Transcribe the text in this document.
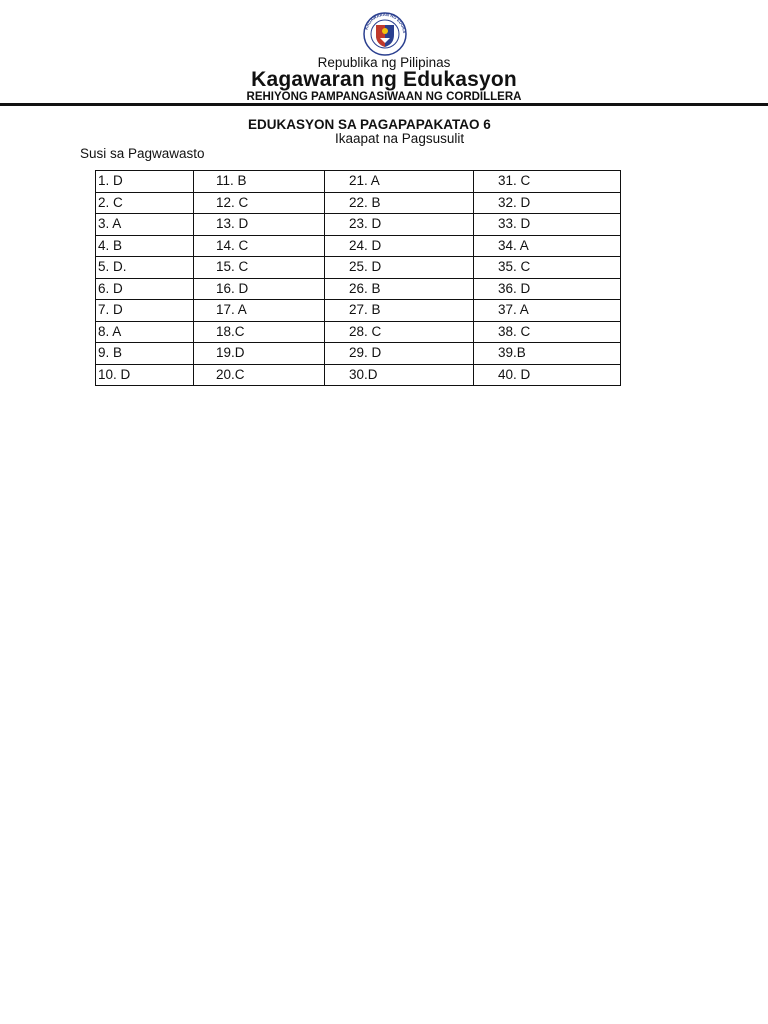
KAGAWARAN NG EDUKA
Republika ng Pilipinas
Kagawaran ng Edukasyon
REHIYONG PAMPANGASIWAAN NG CORDILLERA
EDUKASYON SA PAGAPAPAKATAO 6
Ikaapat na Pagsusulit
Susi sa Pagwawasto
1. D	11. B	21. A	31. C
2. C	12. C	22. B	32. D
3. A	13. D	23. D	33. D
4. B	14. C	24. D	34. A
5. D.	15. C	25. D	35. C
6. D	16. D	26. B	36. D
7. D	17. A	27. B	37. A
8. A	18.C	28. C	38. C
9. B	19.D	29. D	39.B
10. D	20.C	30.D	40. D
